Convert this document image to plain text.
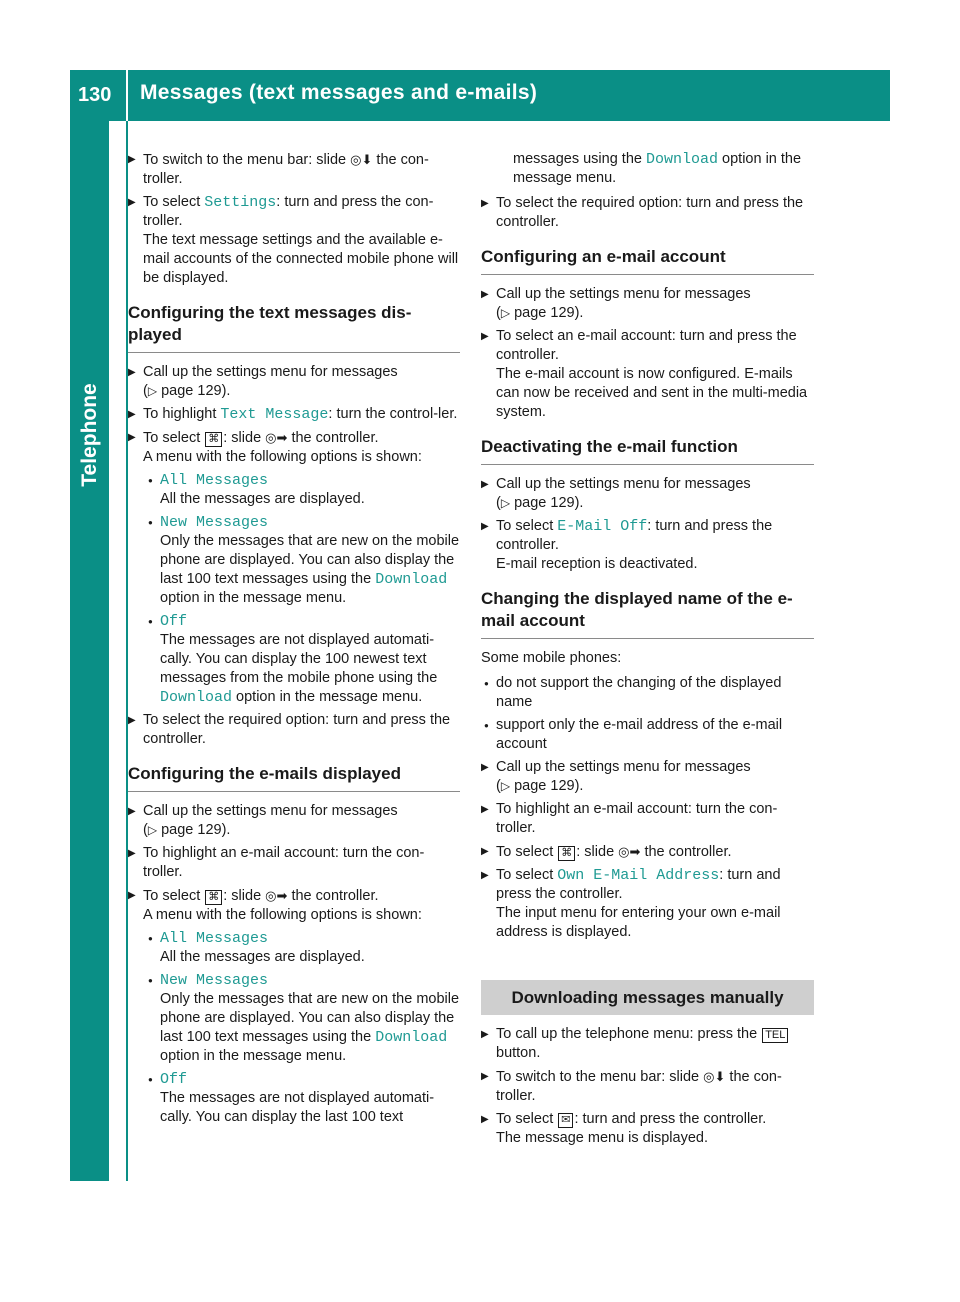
130 Messages (text messages and e-mails)
Telephone
▶ To switch to the menu bar: slide ◎⬇ the con-troller.
▶ To select Settings: turn and press the con-troller.
The text message settings and the available e-mail accounts of the connected mobile phone will be displayed.
Configuring the text messages dis-played
▶ Call up the settings menu for messages
(▷ page 129).
▶ To highlight Text Message: turn the control-ler.
▶ To select ⌘ : slide ◎➡ the controller.
A menu with the following options is shown:
● All Messages
All the messages are displayed.
● New Messages
Only the messages that are new on the mobile phone are displayed. You can also display the last 100 text messages using the Download option in the message menu.
● Off
The messages are not displayed automati-cally. You can display the 100 newest text messages from the mobile phone using the Download option in the message menu.
▶ To select the required option: turn and press the controller.
Configuring the e-mails displayed
▶ Call up the settings menu for messages
(▷ page 129).
▶ To highlight an e-mail account: turn the con-troller.
▶ To select ⌘ : slide ◎➡ the controller.
A menu with the following options is shown:
● All Messages
All the messages are displayed.
● New Messages
Only the messages that are new on the mobile phone are displayed. You can also display the last 100 text messages using the Download option in the message menu.
● Off
The messages are not displayed automati-cally. You can display the last 100 text
messages using the Download option in the message menu.
▶ To select the required option: turn and press the controller.
Configuring an e-mail account
▶ Call up the settings menu for messages
(▷ page 129).
▶ To select an e-mail account: turn and press the controller.
The e-mail account is now configured. E-mails can now be received and sent in the multi-media system.
Deactivating the e-mail function
▶ Call up the settings menu for messages
(▷ page 129).
▶ To select E-Mail Off: turn and press the controller.
E-mail reception is deactivated.
Changing the displayed name of the e-mail account
Some mobile phones:
● do not support the changing of the displayed name
● support only the e-mail address of the e-mail account
▶ Call up the settings menu for messages
(▷ page 129).
▶ To highlight an e-mail account: turn the con-troller.
▶ To select ⌘ : slide ◎➡ the controller.
▶ To select Own E-Mail Address: turn and press the controller.
The input menu for entering your own e-mail address is displayed.
Downloading messages manually
▶ To call up the telephone menu: press the TEL button.
▶ To switch to the menu bar: slide ◎⬇ the con-troller.
▶ To select ✉ : turn and press the controller.
The message menu is displayed.
